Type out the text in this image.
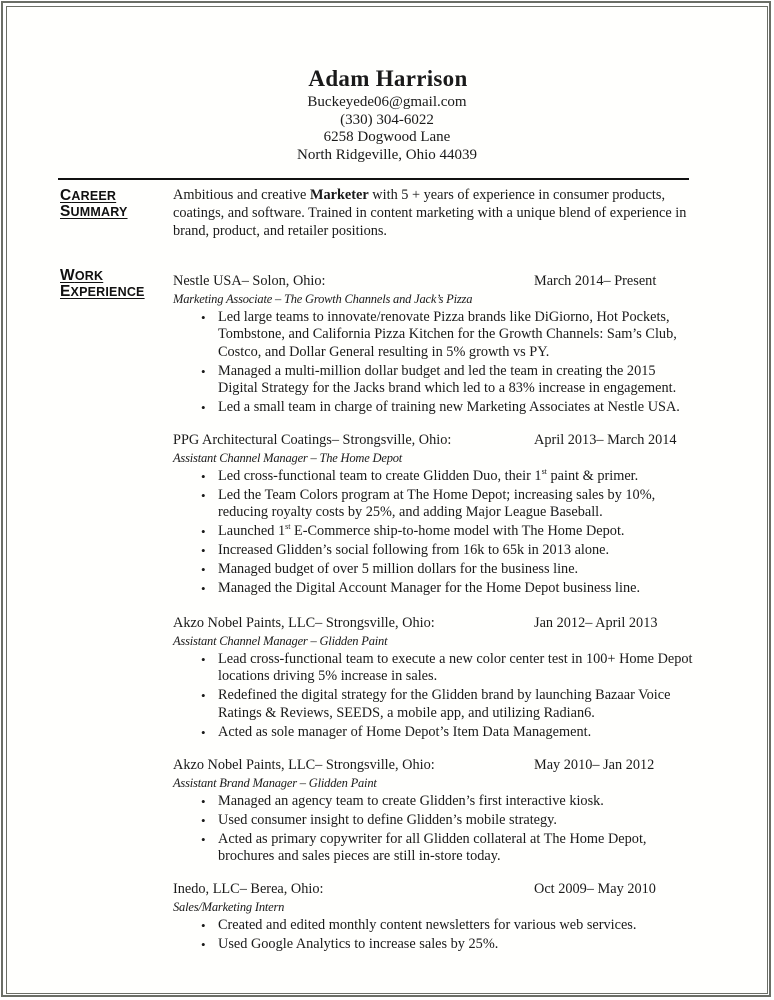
Adam Harrison
Buckeyede06@gmail.com
(330) 304-6022
6258 Dogwood Lane
North Ridgeville, Ohio 44039
CAREER
SUMMARY
Ambitious and creative Marketer with 5 + years of experience in consumer products, coatings, and software. Trained in content marketing with a unique blend of experience in brand, product, and retailer positions.
WORK
EXPERIENCE
Nestle USA– Solon, Ohio:	March 2014– Present
Marketing Associate – The Growth Channels and Jack’s Pizza
• Led large teams to innovate/renovate Pizza brands like DiGiorno, Hot Pockets, Tombstone, and California Pizza Kitchen for the Growth Channels: Sam’s Club, Costco, and Dollar General resulting in 5% growth vs PY.
• Managed a multi-million dollar budget and led the team in creating the 2015 Digital Strategy for the Jacks brand which led to a 83% increase in engagement.
• Led a small team in charge of training new Marketing Associates at Nestle USA.
PPG Architectural Coatings– Strongsville, Ohio:	April 2013– March 2014
Assistant Channel Manager – The Home Depot
• Led cross-functional team to create Glidden Duo, their 1st paint & primer.
• Led the Team Colors program at The Home Depot; increasing sales by 10%, reducing royalty costs by 25%, and adding Major League Baseball.
• Launched 1st E-Commerce ship-to-home model with The Home Depot.
• Increased Glidden’s social following from 16k to 65k in 2013 alone.
• Managed budget of over 5 million dollars for the business line.
• Managed the Digital Account Manager for the Home Depot business line.
Akzo Nobel Paints, LLC– Strongsville, Ohio:	Jan 2012– April 2013
Assistant Channel Manager – Glidden Paint
• Lead cross-functional team to execute a new color center test in 100+ Home Depot locations driving 5% increase in sales.
• Redefined the digital strategy for the Glidden brand by launching Bazaar Voice Ratings & Reviews, SEEDS, a mobile app, and utilizing Radian6.
• Acted as sole manager of Home Depot’s Item Data Management.
Akzo Nobel Paints, LLC– Strongsville, Ohio:	May 2010– Jan 2012
Assistant Brand Manager – Glidden Paint
• Managed an agency team to create Glidden’s first interactive kiosk.
• Used consumer insight to define Glidden’s mobile strategy.
• Acted as primary copywriter for all Glidden collateral at The Home Depot, brochures and sales pieces are still in-store today.
Inedo, LLC– Berea, Ohio:	Oct 2009– May 2010
Sales/Marketing Intern
• Created and edited monthly content newsletters for various web services.
• Used Google Analytics to increase sales by 25%.
